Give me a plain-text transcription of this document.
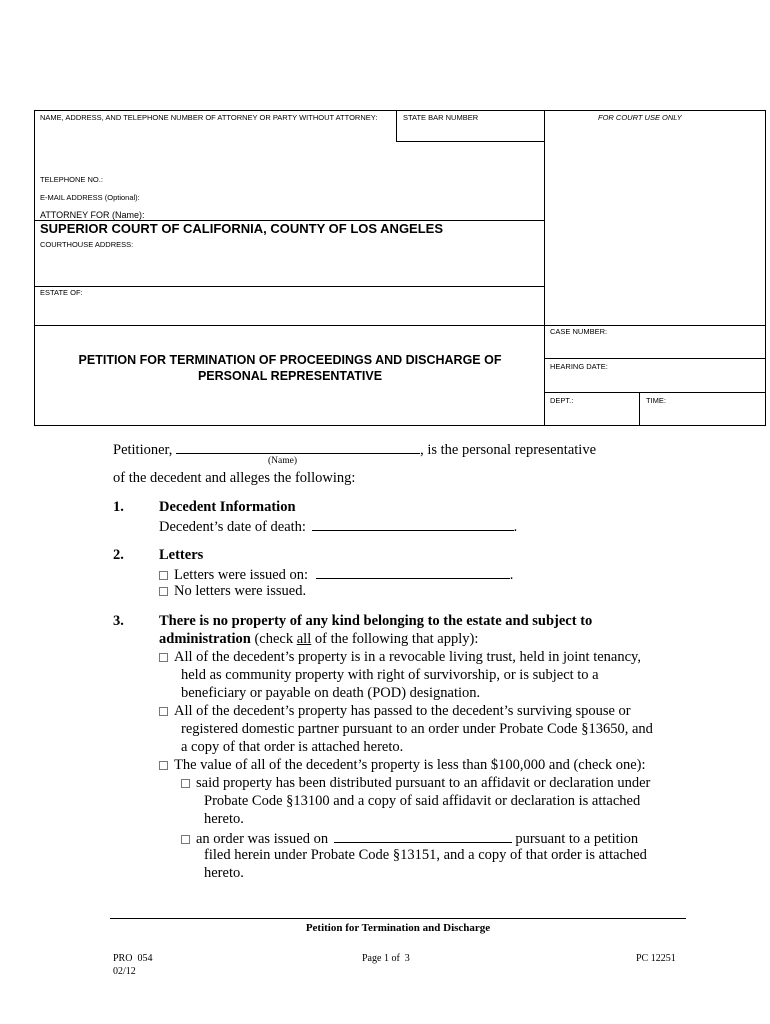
NAME, ADDRESS, AND TELEPHONE NUMBER OF ATTORNEY OR PARTY WITHOUT ATTORNEY:	STATE BAR NUMBER	FOR COURT USE ONLY
TELEPHONE NO.:
E-MAIL ADDRESS (Optional):
ATTORNEY FOR (Name):
SUPERIOR COURT OF CALIFORNIA, COUNTY OF LOS ANGELES
COURTHOUSE ADDRESS:
ESTATE OF:
CASE NUMBER:
HEARING DATE:
DEPT.:	TIME:
PETITION FOR TERMINATION OF PROCEEDINGS AND DISCHARGE OF
PERSONAL REPRESENTATIVE
Petitioner,	, is the personal representative
(Name)
of the decedent and alleges the following:
1. Decedent Information
Decedent’s date of death:	.
2. Letters
Letters were issued on:	.
No letters were issued.
3. There is no property of any kind belonging to the estate and subject to
administration (check all of the following that apply):
All of the decedent’s property is in a revocable living trust, held in joint tenancy,
held as community property with right of survivorship, or is subject to a
beneficiary or payable on death (POD) designation.
All of the decedent’s property has passed to the decedent’s surviving spouse or
registered domestic partner pursuant to an order under Probate Code §13650, and
a copy of that order is attached hereto.
The value of all of the decedent’s property is less than $100,000 and (check one):
said property has been distributed pursuant to an affidavit or declaration under
Probate Code §13100 and a copy of said affidavit or declaration is attached
hereto.
an order was issued on	pursuant to a petition
filed herein under Probate Code §13151, and a copy of that order is attached
hereto.
Petition for Termination and Discharge
PRO  054
02/12
Page 1 of  3	PC 12251
